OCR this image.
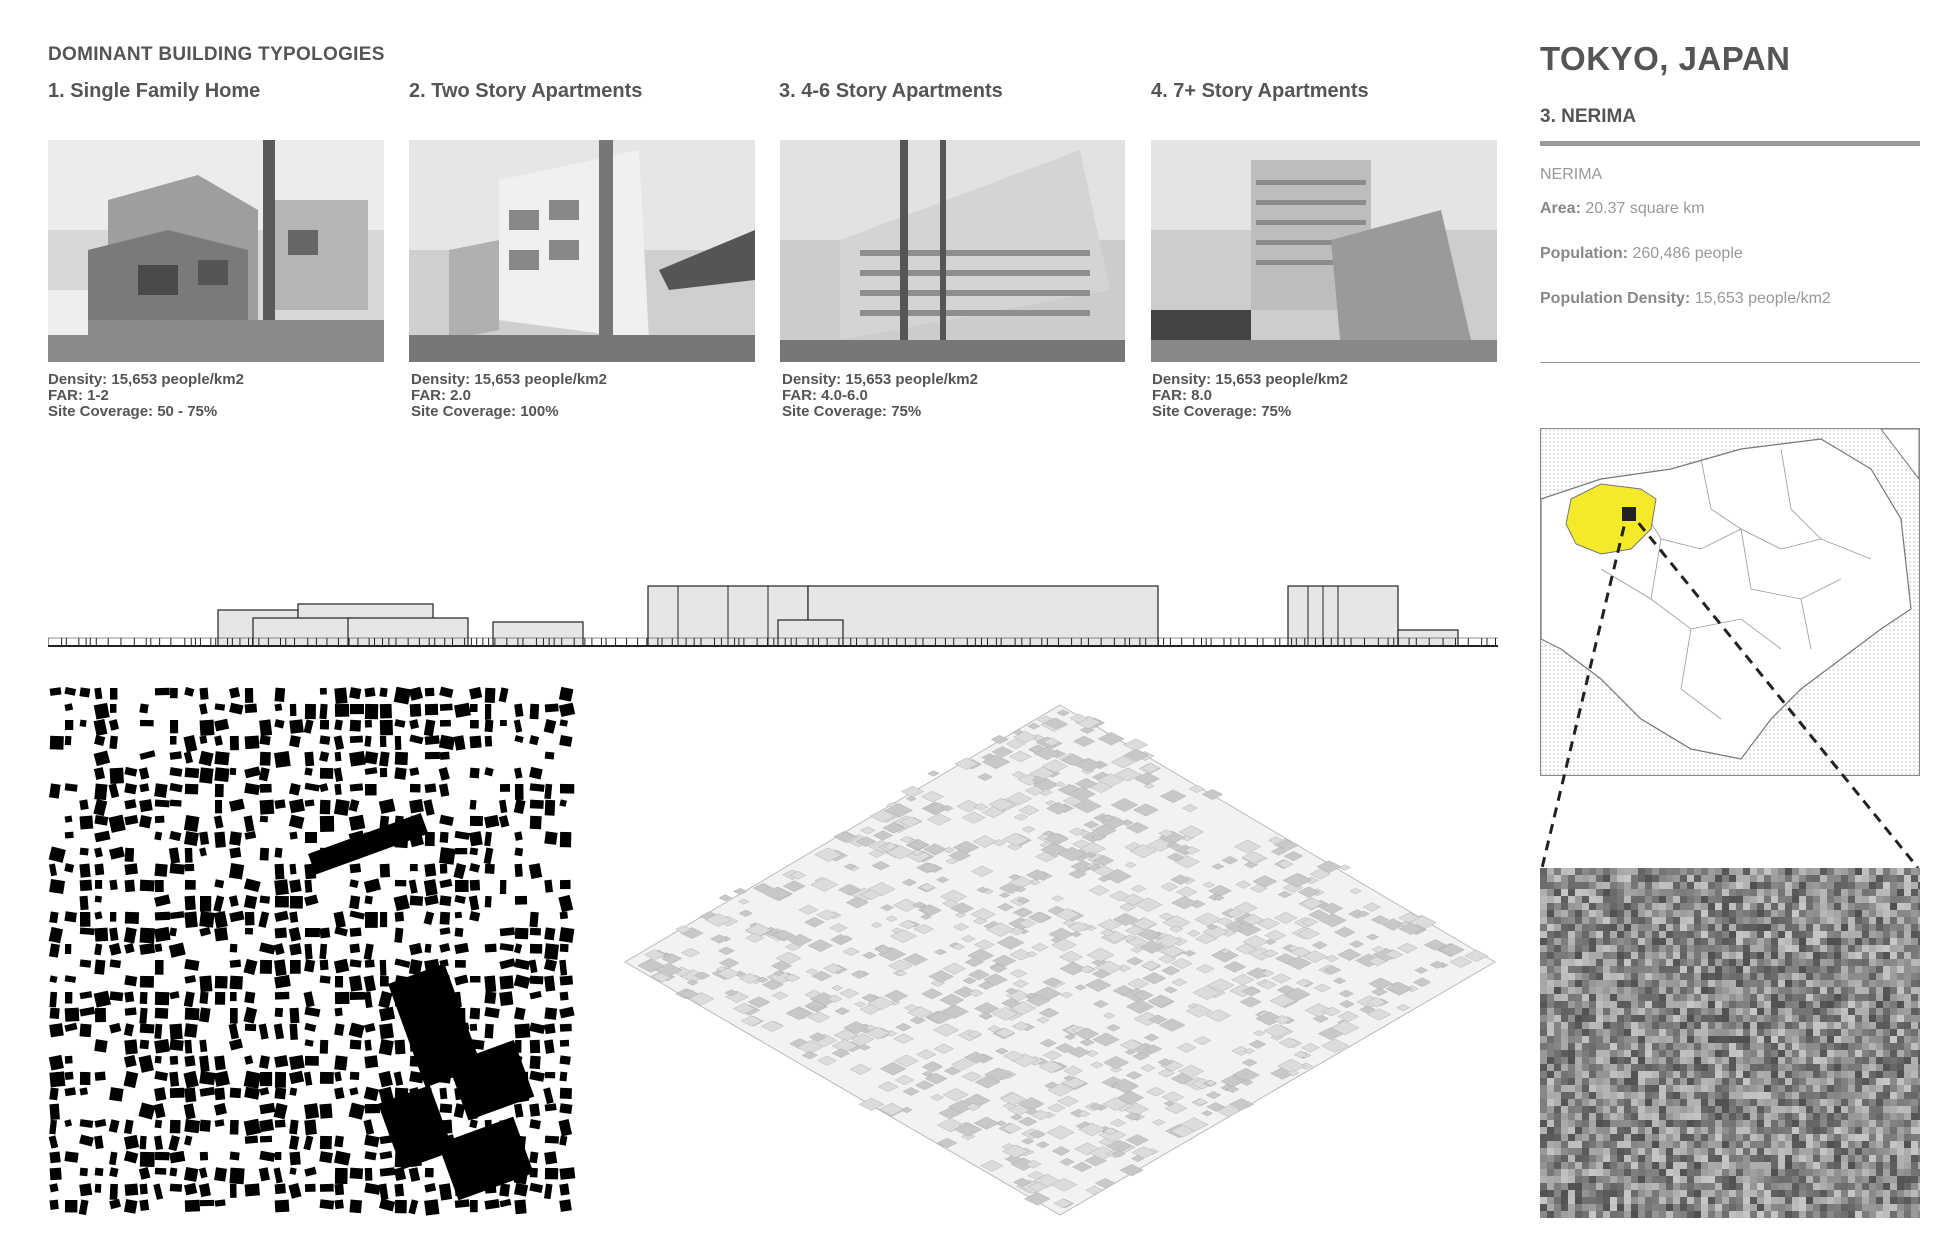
DOMINANT BUILDING TYPOLOGIES
1. Single Family Home	2. Two Story Apartments	3. 4-6 Story Apartments	4. 7+ Story Apartments
Density: 15,653 people/km2
FAR: 1-2
Site Coverage: 50 - 75%
Density: 15,653 people/km2
FAR: 2.0
Site Coverage: 100%
Density: 15,653 people/km2
FAR: 4.0-6.0
Site Coverage: 75%
Density: 15,653 people/km2
FAR: 8.0
Site Coverage: 75%
TOKYO, JAPAN
3. NERIMA
NERIMA
Area: 20.37 square km
Population: 260,486 people
Population Density: 15,653 people/km2
